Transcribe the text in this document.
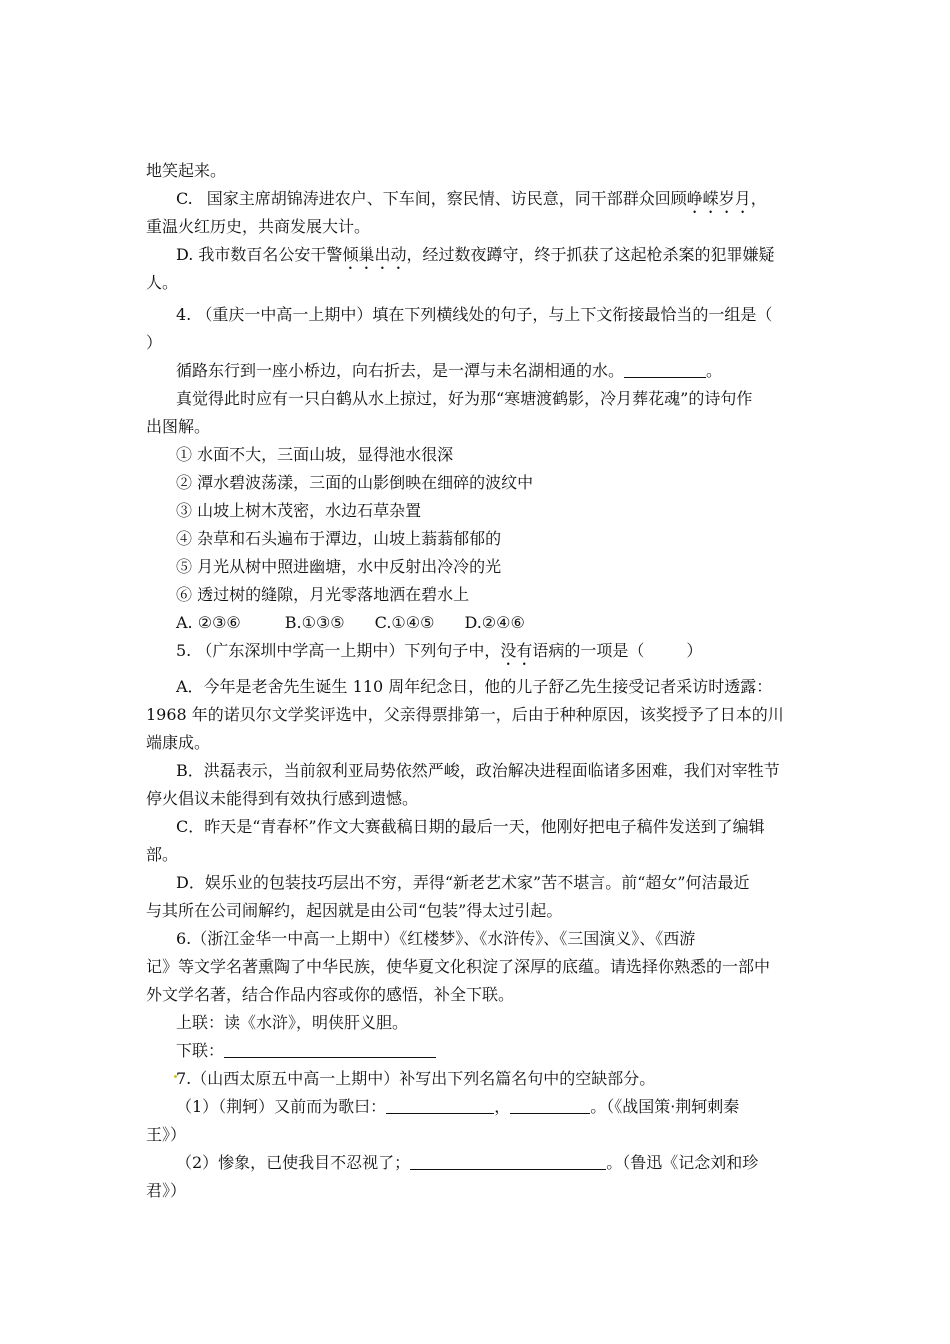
地笑起来。
C. 国家主席胡锦涛进农户、下车间，察民情、访民意，同干部群众回顾峥嵘岁月，
重温火红历史，共商发展大计。
D. 我市数百名公安干警倾巢出动，经过数夜蹲守，终于抓获了这起枪杀案的犯罪嫌疑
人。
4. （重庆一中高一上期中）填在下列横线处的句子，与上下文衔接最恰当的一组是（
）
循路东行到一座小桥边，向右折去，是一潭与未名湖相通的水。	。
真觉得此时应有一只白鹤从水上掠过，好为那“寒塘渡鹤影，冷月葬花魂”的诗句作
出图解。
① 水面不大，三面山坡，显得池水很深
② 潭水碧波荡漾，三面的山影倒映在细碎的波纹中
③ 山坡上树木茂密，水边石草杂置
④ 杂草和石头遍布于潭边，山坡上蓊蓊郁郁的
⑤ 月光从树中照进幽塘，水中反射出冷冷的光
⑥ 透过树的缝隙，月光零落地洒在碧水上
A. ②③⑥	B.①③⑤ C.①④⑤ D.②④⑥
5. （广东深圳中学高一上期中）下列句子中，没有语病的一项是（	）
A．今年是老舍先生诞生 110 周年纪念日，他的儿子舒乙先生接受记者采访时透露：
1968 年的诺贝尔文学奖评选中，父亲得票排第一，后由于种种原因，该奖授予了日本的川
端康成。
B．洪磊表示，当前叙利亚局势依然严峻，政治解决进程面临诸多困难，我们对宰牲节
停火倡议未能得到有效执行感到遗憾。
C．昨天是“青春杯”作文大赛截稿日期的最后一天，他刚好把电子稿件发送到了编辑
部。
D．娱乐业的包装技巧层出不穷，弄得“新老艺术家”苦不堪言。前“超女”何洁最近
与其所在公司闹解约，起因就是由公司“包装”得太过引起。
6.（浙江金华一中高一上期中）《红楼梦》、《水浒传》、《三国演义》、《西游
记》等文学名著熏陶了中华民族，使华夏文化积淀了深厚的底蕴。请选择你熟悉的一部中
外文学名著，结合作品内容或你的感悟，补全下联。
上联：读《水浒》，明侠肝义胆。
下联：
7.（山西太原五中高一上期中）补写出下列名篇名句中的空缺部分。
（1）（荆轲）又前而为歌曰：	，	。（《战国策·荆轲刺秦
王》）
（2）惨象，已使我目不忍视了；	。（鲁迅《记念刘和珍
君》）
